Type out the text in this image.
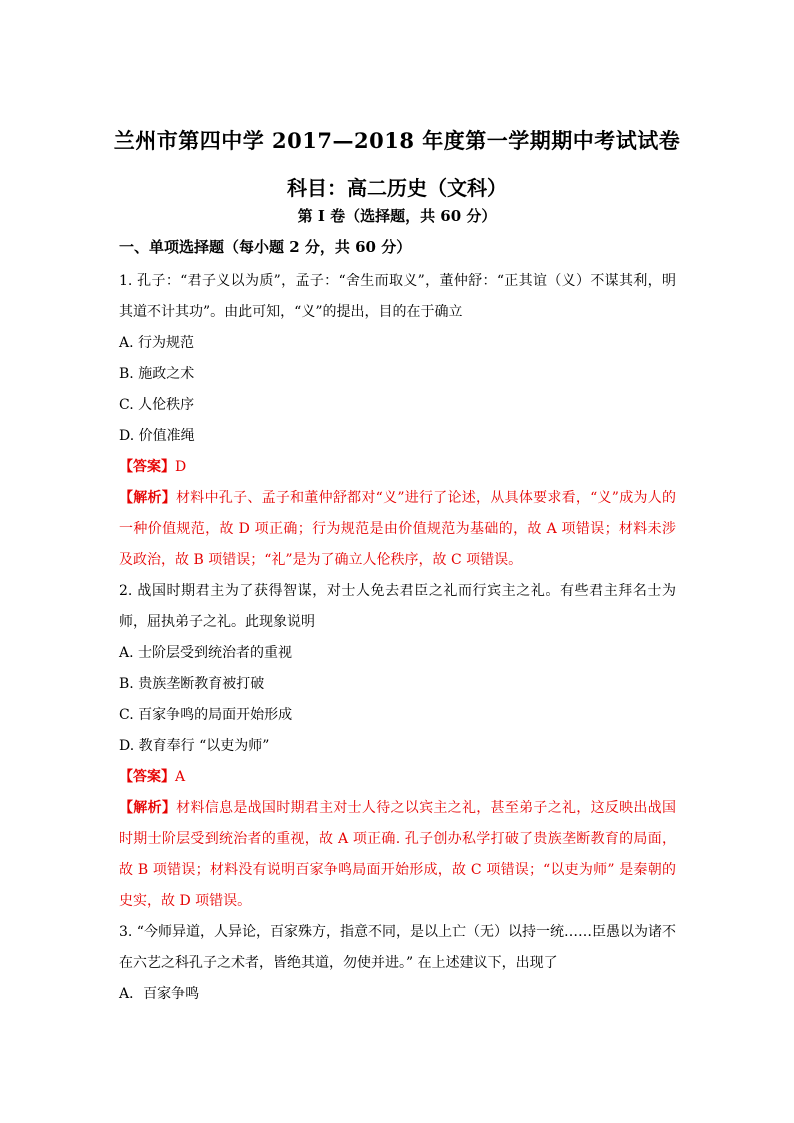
兰州市第四中学 2017—2018 年度第一学期期中考试试卷
科目：高二历史（文科）
第 I 卷（选择题，共 60 分）
一、单项选择题（每小题 2 分，共 60 分）

1. 孔子：“君子义以为质”，孟子：“舍生而取义”，董仲舒：“正其谊（义）不谋其利，明其道不计其功”。由此可知，“义”的提出，目的在于确立

A. 行为规范

B. 施政之术

C. 人伦秩序

D. 价值准绳

【答案】D

【解析】材料中孔子、孟子和董仲舒都对“义”进行了论述，从具体要求看，“义”成为人的一种价值规范，故 D 项正确；行为规范是由价值规范为基础的，故 A 项错误；材料未涉及政治，故 B 项错误；“礼”是为了确立人伦秩序，故 C 项错误。

2. 战国时期君主为了获得智谋，对士人免去君臣之礼而行宾主之礼。有些君主拜名士为师，屈执弟子之礼。此现象说明

A. 士阶层受到统治者的重视

B. 贵族垄断教育被打破

C. 百家争鸣的局面开始形成

D. 教育奉行 “以吏为师”

【答案】A

【解析】材料信息是战国时期君主对士人待之以宾主之礼，甚至弟子之礼，这反映出战国时期士阶层受到统治者的重视，故 A 项正确. 孔子创办私学打破了贵族垄断教育的局面，故 B 项错误；材料没有说明百家争鸣局面开始形成，故 C 项错误；“以吏为师” 是秦朝的史实，故 D 项错误。

3. “今师异道，人异论，百家殊方，指意不同，是以上亡（无）以持一统……臣愚以为诸不在六艺之科孔子之术者，皆绝其道，勿使并进。” 在上述建议下，出现了

A．百家争鸣
